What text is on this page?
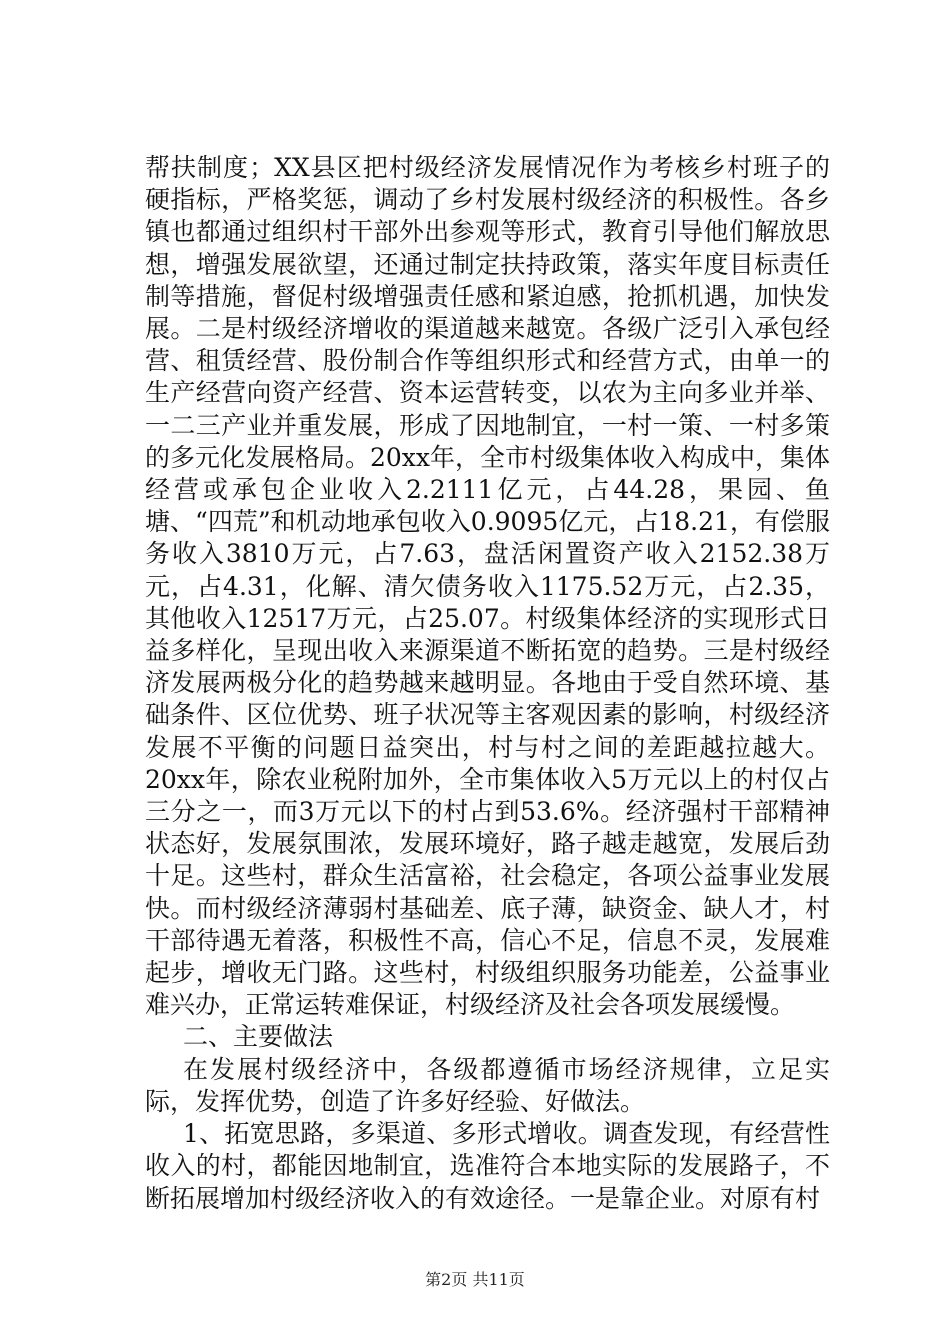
帮扶制度；XX县区把村级经济发展情况作为考核乡村班子的硬指标，严格奖惩，调动了乡村发展村级经济的积极性。各乡镇也都通过组织村干部外出参观等形式，教育引导他们解放思想，增强发展欲望，还通过制定扶持政策，落实年度目标责任制等措施，督促村级增强责任感和紧迫感，抢抓机遇，加快发展。二是村级经济增收的渠道越来越宽。各级广泛引入承包经营、租赁经营、股份制合作等组织形式和经营方式，由单一的生产经营向资产经营、资本运营转变，以农为主向多业并举、一二三产业并重发展，形成了因地制宜，一村一策、一村多策的多元化发展格局。20xx年，全市村级集体收入构成中，集体经营或承包企业收入2.2111亿元，占44.28，果园、鱼塘、“四荒”和机动地承包收入0.9095亿元，占18.21，有偿服务收入3810万元，占7.63，盘活闲置资产收入2152.38万元，占4.31，化解、清欠债务收入1175.52万元，占2.35，其他收入12517万元，占25.07。村级集体经济的实现形式日益多样化，呈现出收入来源渠道不断拓宽的趋势。三是村级经济发展两极分化的趋势越来越明显。各地由于受自然环境、基础条件、区位优势、班子状况等主客观因素的影响，村级经济发展不平衡的问题日益突出，村与村之间的差距越拉越大。20xx年，除农业税附加外，全市集体收入5万元以上的村仅占三分之一，而3万元以下的村占到53.6%。经济强村干部精神状态好，发展氛围浓，发展环境好，路子越走越宽，发展后劲十足。这些村，群众生活富裕，社会稳定，各项公益事业发展快。而村级经济薄弱村基础差、底子薄，缺资金、缺人才，村干部待遇无着落，积极性不高，信心不足，信息不灵，发展难起步，增收无门路。这些村，村级组织服务功能差，公益事业难兴办，正常运转难保证，村级经济及社会各项发展缓慢。

二、主要做法

在发展村级经济中，各级都遵循市场经济规律，立足实际，发挥优势，创造了许多好经验、好做法。

1、拓宽思路，多渠道、多形式增收。调查发现，有经营性收入的村，都能因地制宜，选准符合本地实际的发展路子，不断拓展增加村级经济收入的有效途径。一是靠企业。对原有村

第2页 共11页
